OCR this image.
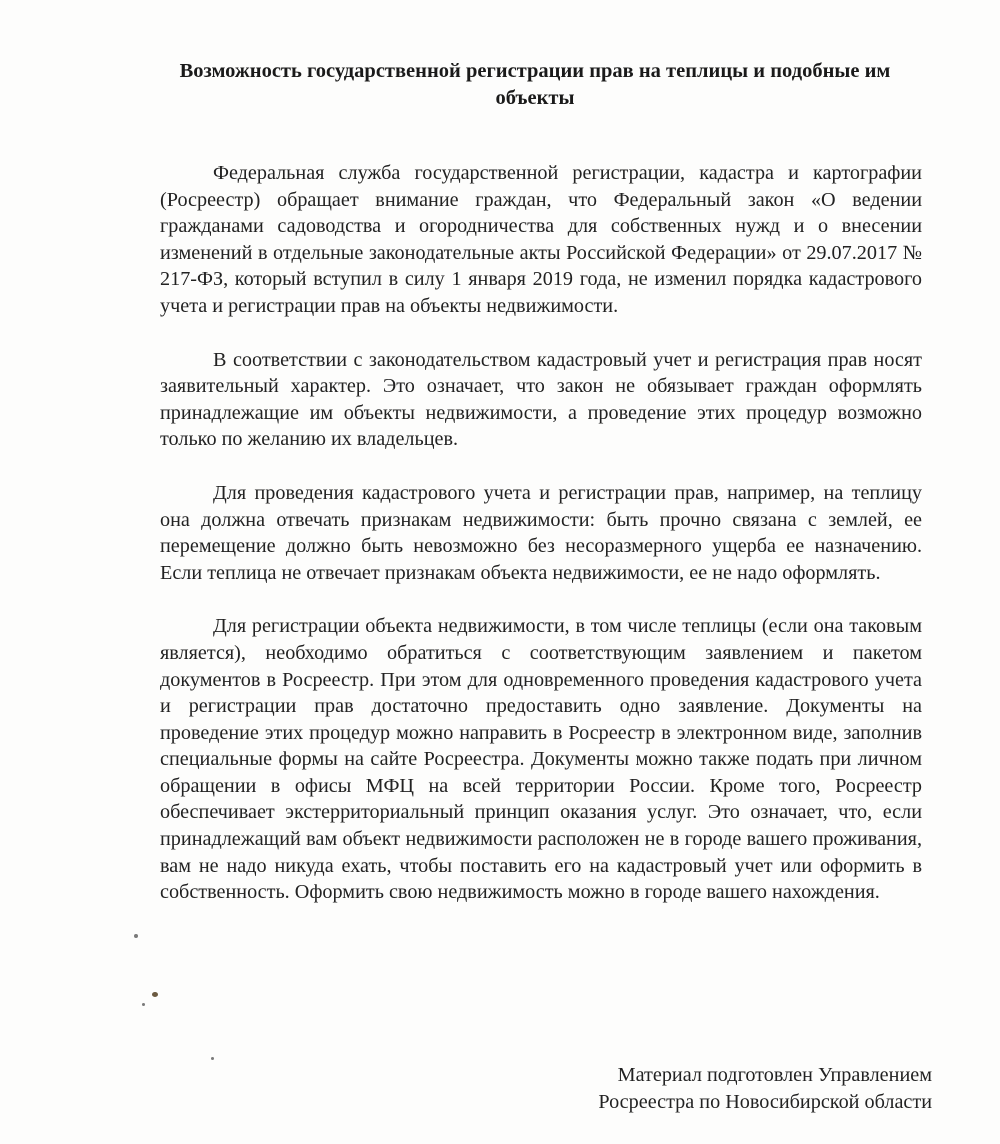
Возможность государственной регистрации прав на теплицы и подобные им объекты

Федеральная служба государственной регистрации, кадастра и картографии (Росреестр) обращает внимание граждан, что Федеральный закон «О ведении гражданами садоводства и огородничества для собственных нужд и о внесении изменений в отдельные законодательные акты Российской Федерации» от 29.07.2017 № 217-ФЗ, который вступил в силу 1 января 2019 года, не изменил порядка кадастрового учета и регистрации прав на объекты недвижимости.

В соответствии с законодательством кадастровый учет и регистрация прав носят заявительный характер. Это означает, что закон не обязывает граждан оформлять принадлежащие им объекты недвижимости, а проведение этих процедур возможно только по желанию их владельцев.

Для проведения кадастрового учета и регистрации прав, например, на теплицу она должна отвечать признакам недвижимости: быть прочно связана с землей, ее перемещение должно быть невозможно без несоразмерного ущерба ее назначению. Если теплица не отвечает признакам объекта недвижимости, ее не надо оформлять.

Для регистрации объекта недвижимости, в том числе теплицы (если она таковым является), необходимо обратиться с соответствующим заявлением и пакетом документов в Росреестр. При этом для одновременного проведения кадастрового учета и регистрации прав достаточно предоставить одно заявление. Документы на проведение этих процедур можно направить в Росреестр в электронном виде, заполнив специальные формы на сайте Росреестра. Документы можно также подать при личном обращении в офисы МФЦ на всей территории России. Кроме того, Росреестр обеспечивает экстерриториальный принцип оказания услуг. Это означает, что, если принадлежащий вам объект недвижимости расположен не в городе вашего проживания, вам не надо никуда ехать, чтобы поставить его на кадастровый учет или оформить в собственность. Оформить свою недвижимость можно в городе вашего нахождения.

Материал подготовлен Управлением
Росреестра по Новосибирской области
